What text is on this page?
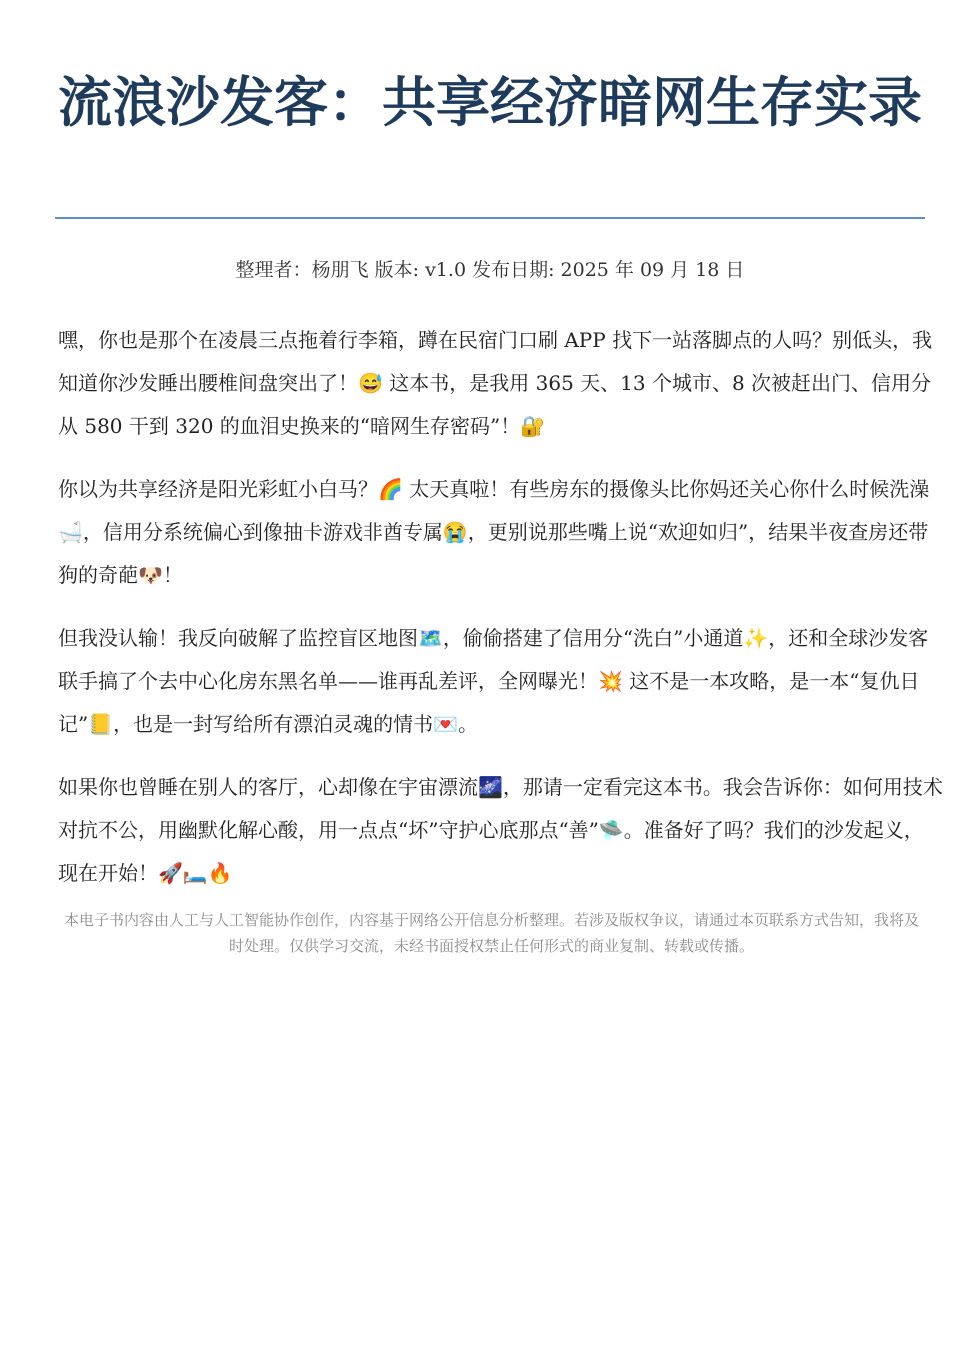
流浪沙发客：共享经济暗网生存实录
整理者：杨朋飞 版本: v1.0 发布日期: 2025 年 09 月 18 日

嘿，你也是那个在凌晨三点拖着行李箱，蹲在民宿门口刷 APP 找下一站落脚点的人吗？别低头，我知道你沙发睡出腰椎间盘突出了！😅 这本书，是我用 365 天、13 个城市、8 次被赶出门、信用分从 580 干到 320 的血泪史换来的“暗网生存密码”！🔐

你以为共享经济是阳光彩虹小白马？🌈 太天真啦！有些房东的摄像头比你妈还关心你什么时候洗澡🛁，信用分系统偏心到像抽卡游戏非酋专属😭，更别说那些嘴上说“欢迎如归”，结果半夜查房还带狗的奇葩🐶！

但我没认输！我反向破解了监控盲区地图🗺️，偷偷搭建了信用分“洗白”小通道✨，还和全球沙发客联手搞了个去中心化房东黑名单——谁再乱差评，全网曝光！💥 这不是一本攻略，是一本“复仇日记”📒，也是一封写给所有漂泊灵魂的情书💌。

如果你也曾睡在别人的客厅，心却像在宇宙漂流🌌，那请一定看完这本书。我会告诉你：如何用技术对抗不公，用幽默化解心酸，用一点点“坏”守护心底那点“善”🛸。准备好了吗？我们的沙发起义，现在开始！🚀🛏️🔥

本电子书内容由人工与人工智能协作创作，内容基于网络公开信息分析整理。若涉及版权争议，请通过本页联系方式告知，我将及时处理。仅供学习交流，未经书面授权禁止任何形式的商业复制、转载或传播。
